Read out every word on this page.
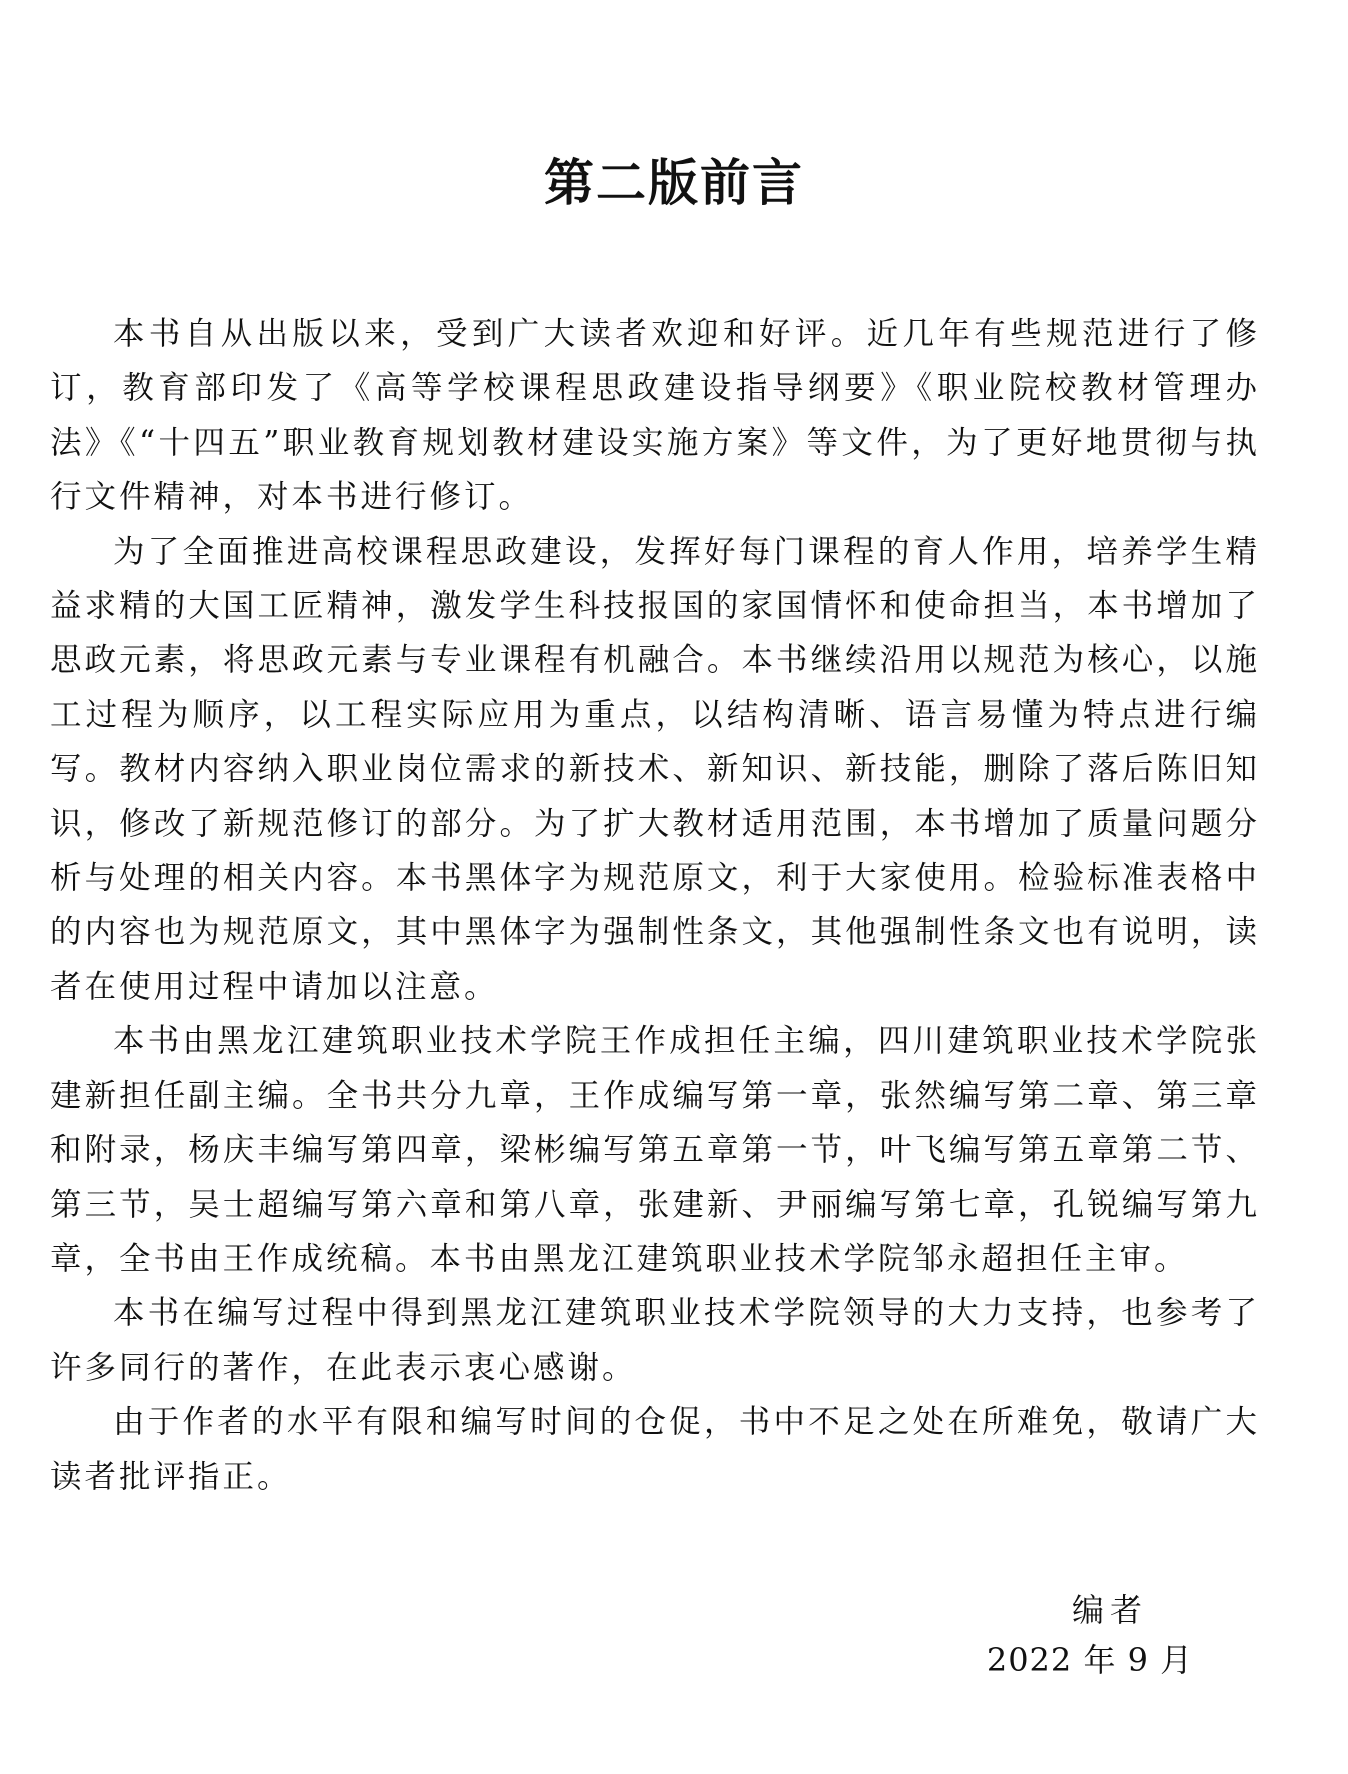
第二版前言

本书自从出版以来，受到广大读者欢迎和好评。近几年有些规范进行了修订，教育部印发了《高等学校课程思政建设指导纲要》《职业院校教材管理办法》《“十四五”职业教育规划教材建设实施方案》等文件，为了更好地贯彻与执行文件精神，对本书进行修订。

为了全面推进高校课程思政建设，发挥好每门课程的育人作用，培养学生精益求精的大国工匠精神，激发学生科技报国的家国情怀和使命担当，本书增加了思政元素，将思政元素与专业课程有机融合。本书继续沿用以规范为核心，以施工过程为顺序，以工程实际应用为重点，以结构清晰、语言易懂为特点进行编写。教材内容纳入职业岗位需求的新技术、新知识、新技能，删除了落后陈旧知识，修改了新规范修订的部分。为了扩大教材适用范围，本书增加了质量问题分析与处理的相关内容。本书黑体字为规范原文，利于大家使用。检验标准表格中的内容也为规范原文，其中黑体字为强制性条文，其他强制性条文也有说明，读者在使用过程中请加以注意。

本书由黑龙江建筑职业技术学院王作成担任主编，四川建筑职业技术学院张建新担任副主编。全书共分九章，王作成编写第一章，张然编写第二章、第三章和附录，杨庆丰编写第四章，梁彬编写第五章第一节，叶飞编写第五章第二节、第三节，吴士超编写第六章和第八章，张建新、尹丽编写第七章，孔锐编写第九章，全书由王作成统稿。本书由黑龙江建筑职业技术学院邹永超担任主审。

本书在编写过程中得到黑龙江建筑职业技术学院领导的大力支持，也参考了许多同行的著作，在此表示衷心感谢。

由于作者的水平有限和编写时间的仓促，书中不足之处在所难免，敬请广大读者批评指正。

编者

2022 年 9 月
